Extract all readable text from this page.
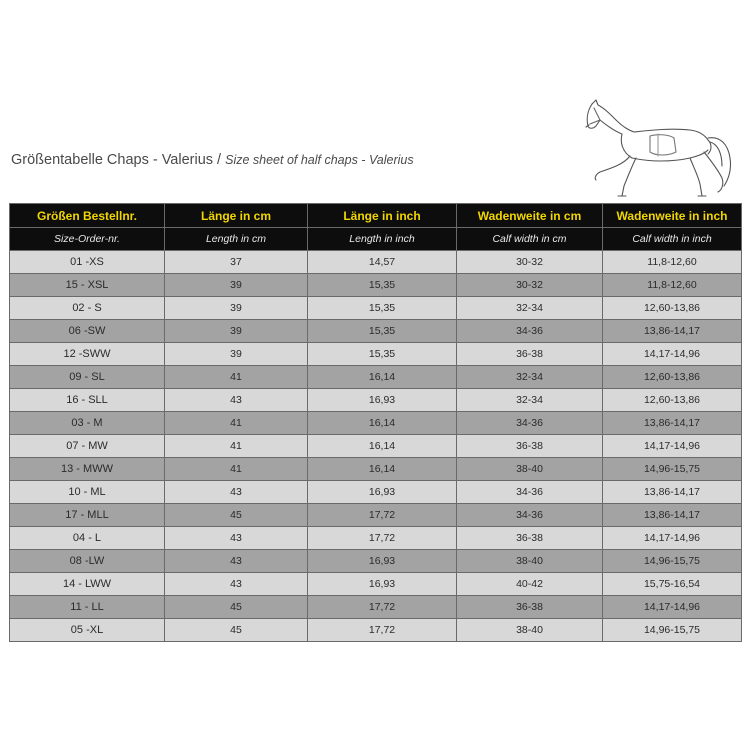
Größentabelle Chaps - Valerius / Size sheet of half chaps - Valerius
Größen Bestellnr.	Länge in cm	Länge in inch	Wadenweite in cm	Wadenweite in inch
Size-Order-nr.	Length in cm	Length in inch	Calf width in cm	Calf width in inch
01 -XS	37	14,57	30-32	11,8-12,60
15 - XSL	39	15,35	30-32	11,8-12,60
02 - S	39	15,35	32-34	12,60-13,86
06 -SW	39	15,35	34-36	13,86-14,17
12 -SWW	39	15,35	36-38	14,17-14,96
09 - SL	41	16,14	32-34	12,60-13,86
16 - SLL	43	16,93	32-34	12,60-13,86
03 - M	41	16,14	34-36	13,86-14,17
07 - MW	41	16,14	36-38	14,17-14,96
13 - MWW	41	16,14	38-40	14,96-15,75
10 - ML	43	16,93	34-36	13,86-14,17
17 - MLL	45	17,72	34-36	13,86-14,17
04 - L	43	17,72	36-38	14,17-14,96
08 -LW	43	16,93	38-40	14,96-15,75
14 - LWW	43	16,93	40-42	15,75-16,54
11 - LL	45	17,72	36-38	14,17-14,96
05 -XL	45	17,72	38-40	14,96-15,75
